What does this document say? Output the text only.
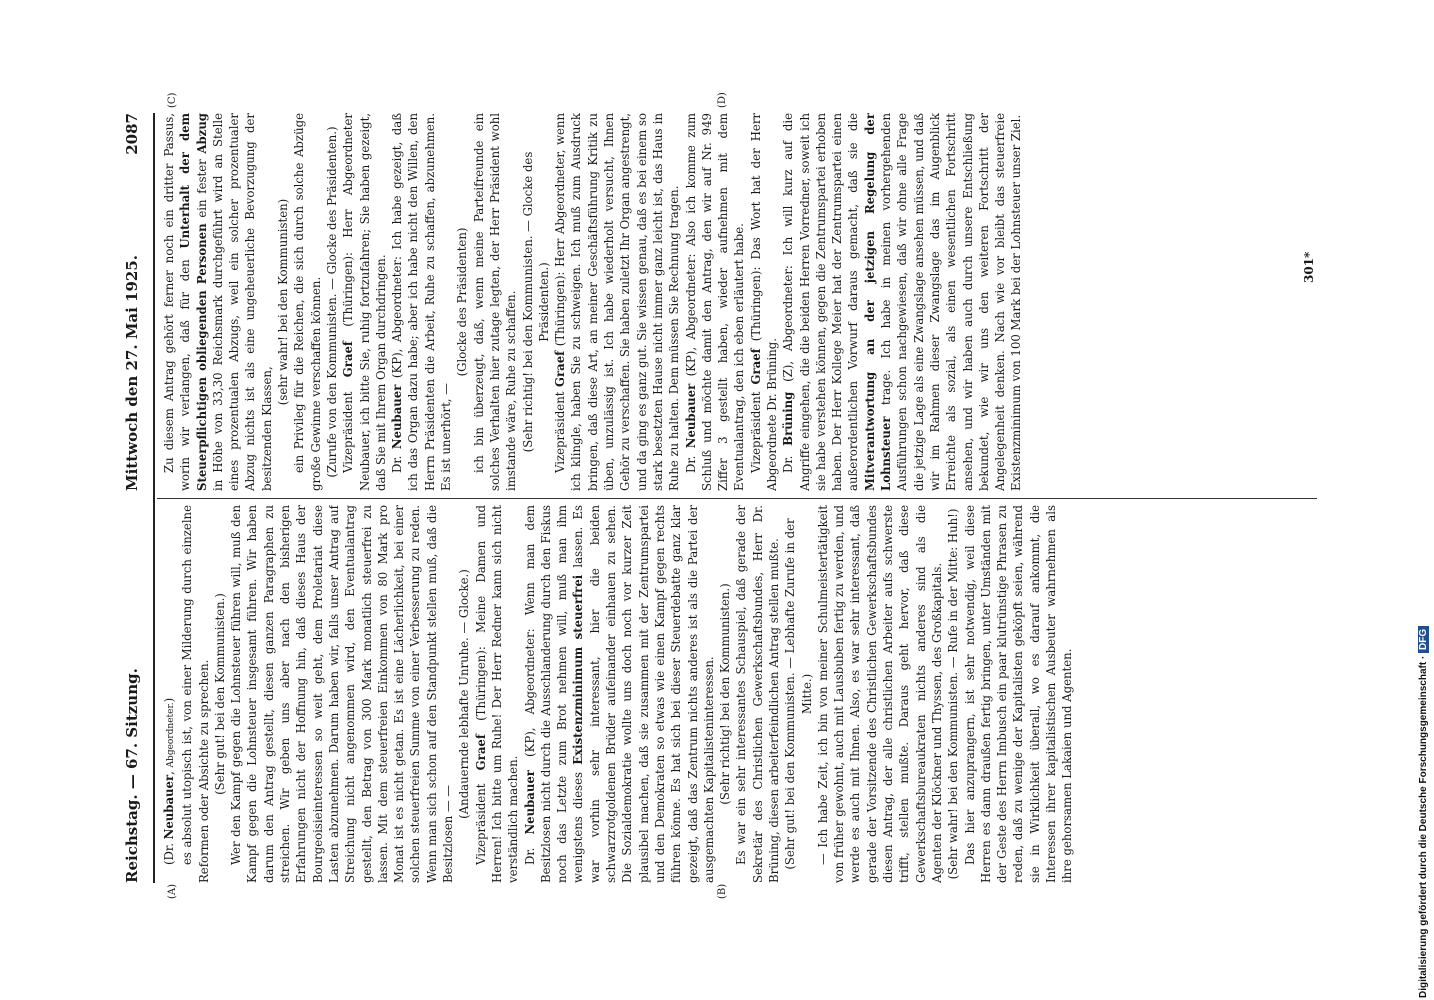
Reichstag. — 67. Sitzung. (Dr. Neubauer, Abgeordneter.) es absolut utopisch ist, von einer Milderung durch einzelne Reformen oder Absichte zu sprechen. (Sehr gut! bei den Kommunisten.) Wer den Kampf gegen die Lohnsteuer führen will, muß den Kampf gegen die Lohnsteuer insgesamt führen. Wir haben darum den Antrag gestellt, diesen ganzen Paragraphen zu streichen. Wir geben uns aber nach den bisherigen Erfahrungen nicht der Hoffnung hin, daß dieses Haus der Bourgeoisieinteressen so weit geht, dem Proletariat diese Lasten abzunehmen. Darum haben wir, falls unser Antrag auf Streichung nicht angenommen wird, den Eventualantrag gestellt, den Betrag von 300 Mark monatlich steuerfrei zu lassen. Mit dem steuerfreien Einkommen von 80 Mark pro Monat ist es nicht getan. Es ist eine Lächerlichkeit, bei einer solchen steuerfreien Summe von einer Verbesserung zu reden. Wenn man sich schon auf den Standpunkt stellen muß, daß die Besitzlosen — —

(Andauernde lebhafte Unruhe. — Glocke.) Vizepräsident Graef (Thüringen): Meine Damen und Herren! Ich bitte um Ruhe! Der Herr Redner kann sich nicht verständlich machen. Dr. Neubauer (KP), Abgeordneter: Wenn man dem Besitzlosen nicht durch die Ausschlanderung durch den Fiskus noch das Letzte zum Brot nehmen will, muß man ihm wenigstens dieses Existenzminimum steuerfrei lassen. Es war vorhin sehr interessant, hier die beiden schwarzrotgoldenen Brüder aufeinander einhauen zu sehen. Die Sozialdemokratie wollte uns doch noch vor kurzer Zeit plausibel machen, daß sie zusammen mit der Zentrumspartei und den Demokraten so etwas wie einen Kampf gegen rechts führen könne. Es hat sich bei dieser Steuerdebatte ganz klar gezeigt, daß das Zentrum nichts anderes ist als die Partei der ausgemachten Kapitalisteninteressen. (Sehr richtig! bei den Kommunisten.) Es war ein sehr interessantes Schauspiel, daß gerade der Sekretär des Christlichen Gewerkschaftsbundes, Herr Dr. Brüning, diesen arbeiterfeindlichen Antrag stellen mußte. (Sehr gut! bei den Kommunisten. — Lebhafte Zurufe in der Mitte.) — Ich habe Zeit, ich bin von meiner Schulmeistertätigkeit von früher gewohnt, auch mit Lausbuben fertig zu werden, und werde es auch mit Ihnen. Also, es war sehr interessant, daß gerade der Vorsitzende des Christlichen Gewerkschaftsbundes diesen Antrag, der alle christlichen Arbeiter aufs schwerste trifft, stellen mußte. Daraus geht hervor, daß diese Gewerkschaftsbureaukraten nichts anderes sind als die Agenten der Klöckner und Thyssen, des Großkapitals. (Sehr wahr! bei den Kommunisten. — Rufe in der Mitte: Huh!) Das hier anzuprangern, ist sehr notwendig, weil diese Herren es dann draußen fertig bringen, unter Umständen mit der Geste des Herrn Imbusch ein paar klutrünstige Phrasen zu reden, daß zu wenige der Kapitalisten geköpft seien, während sie in Wirklichkeit überall, wo es darauf ankommt, die Interessen ihrer kapitalistischen Ausbeuter wahrnehmen als ihre gehorsamen Lakaien und Agenten.

Zu diesem Antrag gehört ferner noch ein dritter Passus, worin wir verlangen, daß für den Unterhalt der dem Steuerpflichtigen obliegenden Personen ein fester Abzug in Höhe von 33,30 Reichsmark durchgeführt wird an Stelle eines prozentualen Abzugs, weil ein solcher prozentualer Abzug nichts ist als eine ungeheuerliche Bevorzugung der besitzenden Klassen,

(sehr wahr! bei den Kommunisten) ein Privileg für die Reichen, die sich durch solche Abzüge große Gewinne verschaffen können. (Zurufe von den Kommunisten. — Glocke des Präsidenten.) Vizepräsident Graef (Thüringen): Herr Abgeordneter Neubauer, ich bitte Sie, ruhig fortzufahren; Sie haben gezeigt, daß Sie mit Ihrem Organ durchdringen. Dr. Neubauer (KP), Abgeordneter: Ich habe gezeigt, daß ich das Organ dazu habe; aber ich habe nicht den Willen, den Herrn Präsidenten die Arbeit, Ruhe zu schaffen, abzunehmen. Es ist unerhört, —

(Glocke des Präsidenten) ich bin überzeugt, daß, wenn meine Parteifreunde ein solches Verhalten hier zutage legten, der Herr Präsident wohl imstande wäre, Ruhe zu schaffen. (Sehr richtig! bei den Kommunisten. — Glocke des Präsidenten.)

Vizepräsident Graef (Thüringen): Herr Abgeordneter, wenn ich klingle, haben Sie zu schweigen. Ich muß zum Ausdruck bringen, daß diese Art, an meiner Geschäftsführung Kritik zu üben, unzulässig ist. Ich habe wiederholt versucht, Ihnen Gehör zu verschaffen. Sie haben zuletzt Ihr Organ angestrengt, und da ging es ganz gut. Sie wissen genau, daß es bei einem so stark besetzten Hause nicht immer ganz leicht ist, das Haus in Ruhe zu halten. Dem müssen Sie Rechnung tragen. Dr. Neubauer (KP), Abgeordneter: Also ich komme zum Schluß und möchte damit den Antrag, den wir auf Nr. 949 Ziffer 3 gestellt haben, wieder aufnehmen mit dem Eventualantrag, den ich eben erläutert habe. Vizepräsident Graef (Thüringen): Das Wort hat der Herr Abgeordnete Dr. Brüning. Dr. Brüning (Z), Abgeordneter: Ich will kurz auf die Angriffe eingehen, die die beiden Herren Vorredner, soweit ich sie habe verstehen können, gegen die Zentrumspartei erhoben haben. Der Herr Kollege Meier hat der Zentrumspartei einen außerordentlichen Vorwurf daraus gemacht, daß sie die Mitverantwortung an der jetzigen Regelung der Lohnsteuer trage. Ich habe in meinen vorhergehenden Ausführungen schon nachgewiesen, daß wir ohne alle Frage die jetzige Lage als eine Zwangslage ansehen müssen, und daß wir im Rahmen dieser Zwangslage das im Augenblick Erreichte als sozial, als einen wesentlichen Fortschritt ansehen, und wir haben auch durch unsere Entschließung bekundet, wie wir uns den weiteren Fortschritt der Angelegenheit denken. Nach wie vor bleibt das steuerfreie Existenzminimum von 100 Mark bei der Lohnsteuer unser Ziel.

Mittwoch den 27. Mai 1925.
2087
(A)	(B)
(C)	(D)
301*
Digitalisierung gefördert durch die Deutsche Forschungsgemeinschaft · DFG
